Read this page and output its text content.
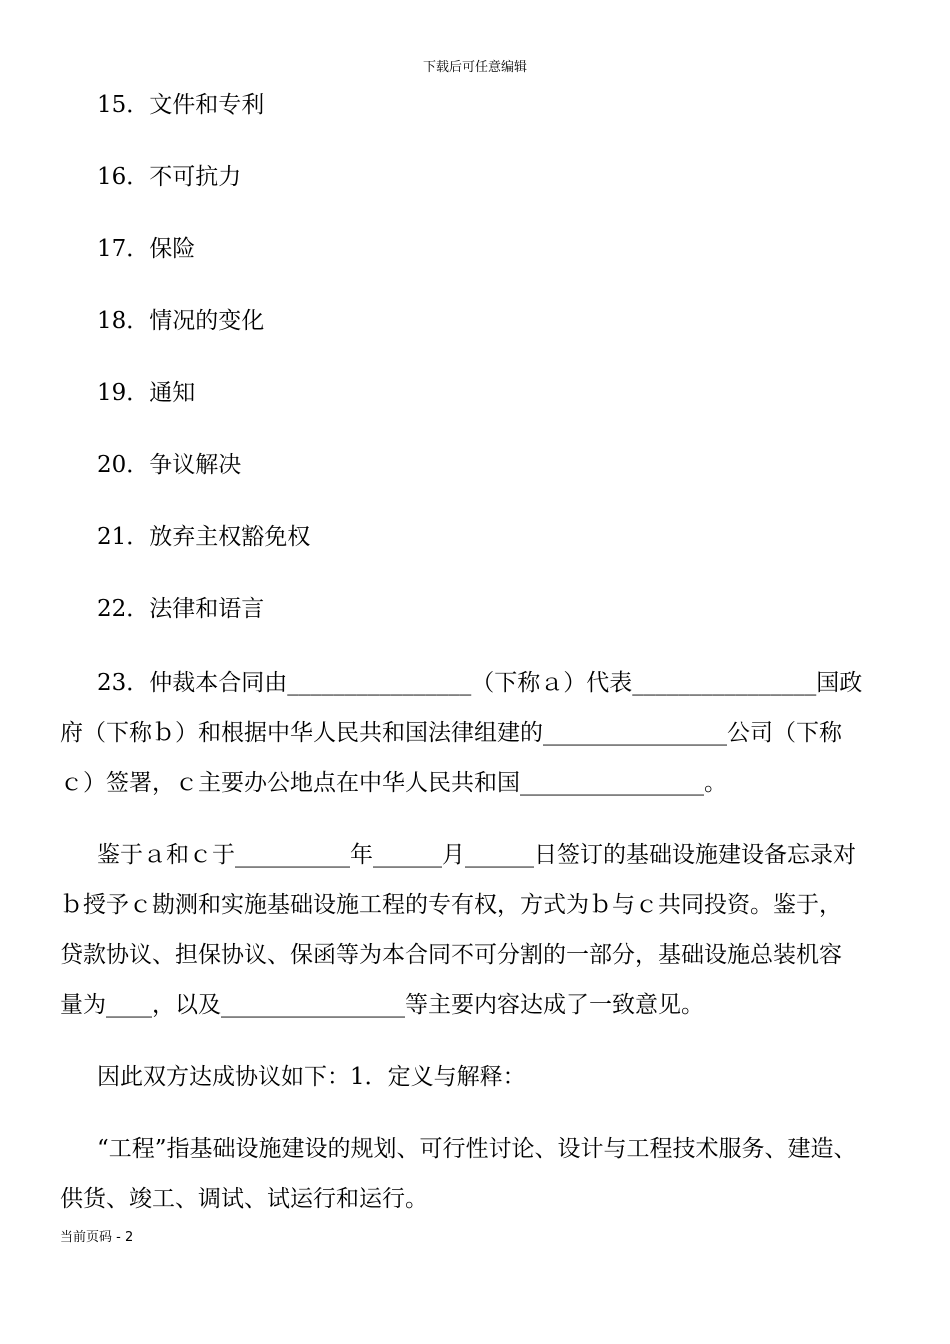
下载后可任意编辑
15．文件和专利
16．不可抗力
17．保险
18．情况的变化
19．通知
20．争议解决
21．放弃主权豁免权
22．法律和语言
23．仲裁本合同由________________（下称ａ）代表________________国政
府（下称ｂ）和根据中华人民共和国法律组建的________________公司（下称
ｃ）签署，ｃ主要办公地点在中华人民共和国________________。
鉴于ａ和ｃ于__________年______月______日签订的基础设施建设备忘录对
ｂ授予ｃ勘测和实施基础设施工程的专有权，方式为ｂ与ｃ共同投资。鉴于，
贷款协议、担保协议、保函等为本合同不可分割的一部分，基础设施总装机容
量为____，以及________________等主要内容达成了一致意见。
因此双方达成协议如下：1．定义与解释：
“工程”指基础设施建设的规划、可行性讨论、设计与工程技术服务、建造、
供货、竣工、调试、试运行和运行。
当前页码 - 2
